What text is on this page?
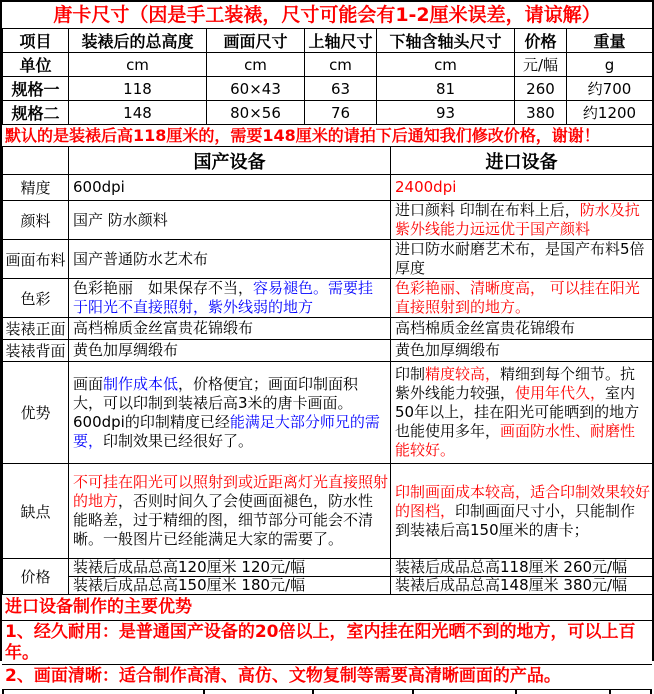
唐卡尺寸（因是手工装裱，尺寸可能会有1-2厘米误差，请谅解）
项目	装裱后的总高度	画面尺寸	上轴尺寸	下轴含轴头尺寸	价格	重量
单位	cm	cm	cm	cm	元/幅	g
规格一	118	60×43	63	81	260	约700
规格二	148	80×56	76	93	380	约1200
默认的是装裱后高118厘米的，需要148厘米的请拍下后通知我们修改价格，谢谢！
	国产设备	进口设备
精度	600dpi	2400dpi
颜料	国产 防水颜料	进口颜料 印制在布料上后，防水及抗紫外线能力远远优于国产颜料
画面布料	国产普通防水艺术布	进口防水耐磨艺术布，是国产布料5倍厚度
色彩	色彩艳丽　如果保存不当，容易褪色。需要挂于阳光不直接照射，紫外线弱的地方	色彩艳丽、清晰度高， 可以挂在阳光直接照射到的地方。
装裱正面	高档棉质金丝富贵花锦缎布	高档棉质金丝富贵花锦缎布
装裱背面	黄色加厚绸缎布	黄色加厚绸缎布
优势	画面制作成本低，价格便宜；画面印制面积大，可以印制到装裱后高3米的唐卡画面。600dpi的印制精度已经能满足大部分师兄的需要，印制效果已经很好了。	印制精度较高，精细到每个细节。抗紫外线能力较强，使用年代久，室内50年以上，挂在阳光可能晒到的地方也能使用多年，画面防水性、耐磨性能较好。
缺点	不可挂在阳光可以照射到或近距离灯光直接照射的地方，否则时间久了会使画面褪色，防水性能略差，过于精细的图，细节部分可能会不清晰。一般图片已经能满足大家的需要了。	印制画面成本较高，适合印制效果较好的图档，印制画面尺寸小，只能制作到装裱后高150厘米的唐卡；
价格	装裱后成品总高120厘米 120元/幅	装裱后成品总高118厘米 260元/幅
	装裱后成品总高150厘米 180元/幅	装裱后成品总高148厘米 380元/幅
进口设备制作的主要优势
1、经久耐用：是普通国产设备的20倍以上，室内挂在阳光晒不到的地方，可以上百年。
2、画面清晰：适合制作高清、高仿、文物复制等需要高清晰画面的产品。
